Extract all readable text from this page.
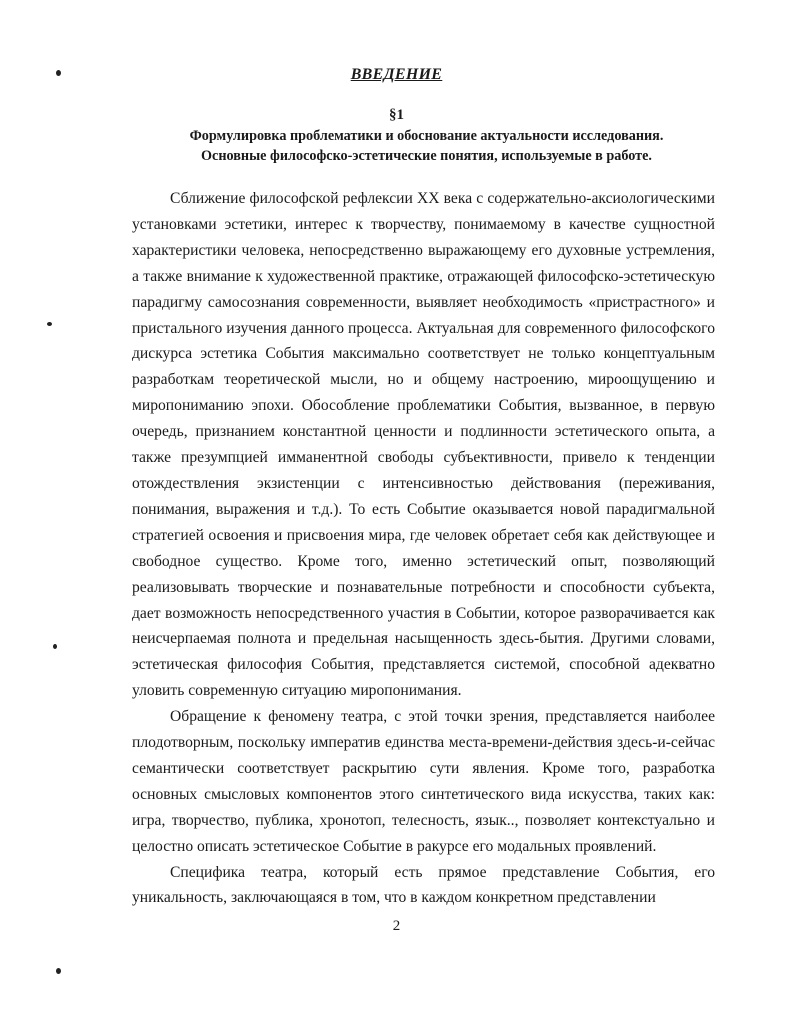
ВВЕДЕНИЕ
§1
Формулировка проблематики и обоснование актуальности исследования.
Основные философско-эстетические понятия, используемые в работе.

Сближение философской рефлексии XX века с содержательно-аксиологическими установками эстетики, интерес к творчеству, понимаемому в качестве сущностной характеристики человека, непосредственно выражающему его духовные устремления, а также внимание к художественной практике, отражающей философско-эстетическую парадигму самосознания современности, выявляет необходимость «пристрастного» и пристального изучения данного процесса. Актуальная для современного философского дискурса эстетика События максимально соответствует не только концептуальным разработкам теоретической мысли, но и общему настроению, мироощущению и миропониманию эпохи. Обособление проблематики События, вызванное, в первую очередь, признанием константной ценности и подлинности эстетического опыта, а также презумпцией имманентной свободы субъективности, привело к тенденции отождествления экзистенции с интенсивностью действования (переживания, понимания, выражения и т.д.). То есть Событие оказывается новой парадигмальной стратегией освоения и присвоения мира, где человек обретает себя как действующее и свободное существо. Кроме того, именно эстетический опыт, позволяющий реализовывать творческие и познавательные потребности и способности субъекта, дает возможность непосредственного участия в Событии, которое разворачивается как неисчерпаемая полнота и предельная насыщенность здесь-бытия. Другими словами, эстетическая философия События, представляется системой, способной адекватно уловить современную ситуацию миропонимания.

Обращение к феномену театра, с этой точки зрения, представляется наиболее плодотворным, поскольку императив единства места-времени-действия здесь-и-сейчас семантически соответствует раскрытию сути явления. Кроме того, разработка основных смысловых компонентов этого синтетического вида искусства, таких как: игра, творчество, публика, хронотоп, телесность, язык.., позволяет контекстуально и целостно описать эстетическое Событие в ракурсе его модальных проявлений.

Специфика театра, который есть прямое представление События, его уникальность, заключающаяся в том, что в каждом конкретном представлении

2
